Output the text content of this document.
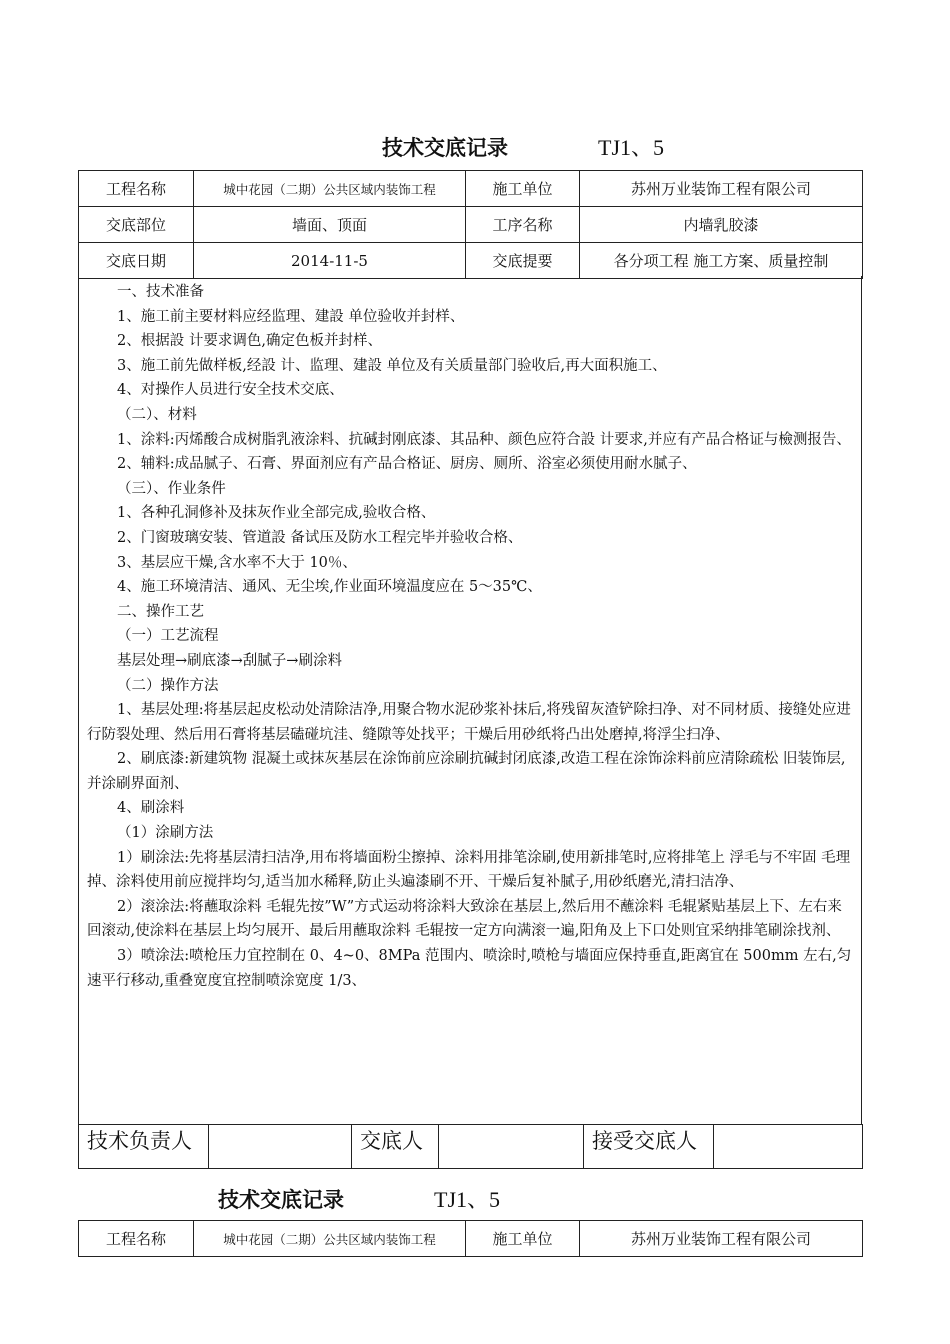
技术交底记录	TJ1、5
工程名称	城中花园（二期）公共区域内装饰工程	施工单位	苏州万业装饰工程有限公司
交底部位	墙面、顶面	工序名称	内墙乳胶漆
交底日期	2014-11-5	交底提要	各分项工程 施工方案、质量控制

一、技术准备

1、施工前主要材料应经监理、建設 单位验收并封样、

2、根据設 计要求调色,确定色板并封样、

3、施工前先做样板,经設 计、监理、建設 单位及有关质量部门验收后,再大面积施工、

4、对操作人员进行安全技术交底、

（二）、材料

1、涂料:丙烯酸合成树脂乳液涂料、抗碱封刚底漆、其品种、颜色应符合設 计要求,并应有产品合格证与檢测报告、

2、辅料:成品腻子、石膏、界面剂应有产品合格证、厨房、厕所、浴室必须使用耐水腻子、

（三）、作业条件

1、各种孔洞修补及抹灰作业全部完成,验收合格、

2、门窗玻璃安装、管道設 备试压及防水工程完毕并验收合格、

3、基层应干燥,含水率不大于 10％、

4、施工环境清洁、通风、无尘埃,作业面环境温度应在 5～35℃、

二、操作工艺

（一）工艺流程

基层处理→刷底漆→刮腻子→刷涂料

（二）操作方法

1、基层处理:将基层起皮松动处清除洁净,用聚合物水泥砂浆补抹后,将残留灰渣铲除扫净、对不同材质、接缝处应进行防裂处理、然后用石膏将基层磕碰坑洼、缝隙等处找平；干燥后用砂纸将凸出处磨掉,将浮尘扫净、

2、刷底漆:新建筑物 混凝土或抹灰基层在涂饰前应涂刷抗碱封闭底漆,改造工程在涂饰涂料前应清除疏松 旧装饰层,并涂刷界面剂、

4、刷涂料

（1）涂刷方法

1）刷涂法:先将基层清扫洁净,用布将墙面粉尘擦掉、涂料用排笔涂刷,使用新排笔时,应将排笔上 浮毛与不牢固 毛理掉、涂料使用前应搅拌均匀,适当加水稀释,防止头遍漆刷不开、干燥后复补腻子,用砂纸磨光,清扫洁净、

2）滚涂法:将蘸取涂料 毛辊先按”W”方式运动将涂料大致涂在基层上,然后用不蘸涂料 毛辊紧贴基层上下、左右来回滚动,使涂料在基层上均匀展开、最后用蘸取涂料 毛辊按一定方向满滚一遍,阳角及上下口处则宜采纳排笔刷涂找剂、

3）喷涂法:喷枪压力宜控制在 0、4~0、8MPa 范围内、喷涂时,喷枪与墙面应保持垂直,距离宜在 500mm 左右,匀速平行移动,重叠宽度宜控制喷涂宽度 1/3、

技术负责人		交底人		接受交底人	
技术交底记录	TJ1、5
工程名称	城中花园（二期）公共区域内装饰工程	施工单位	苏州万业装饰工程有限公司
